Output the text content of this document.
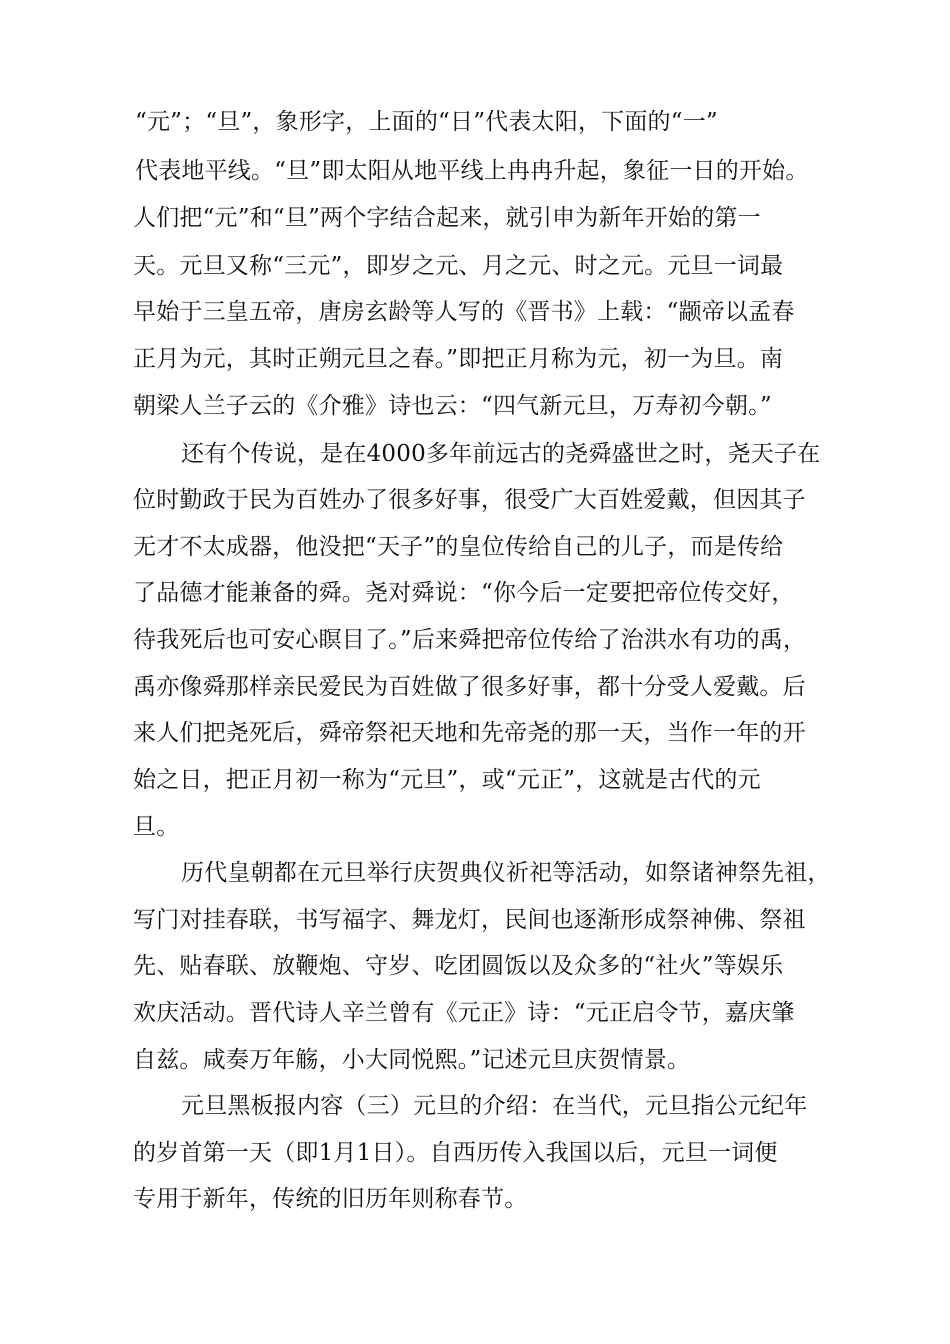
“元”；“旦”，象形字，上面的“日”代表太阳，下面的“一”
代表地平线。“旦”即太阳从地平线上冉冉升起，象征一日的开始。
人们把“元”和“旦”两个字结合起来，就引申为新年开始的第一
天。元旦又称“三元”，即岁之元、月之元、时之元。元旦一词最
早始于三皇五帝，唐房玄龄等人写的《晋书》上载：“颛帝以孟春
正月为元，其时正朔元旦之春。”即把正月称为元，初一为旦。南
朝梁人兰子云的《介雅》诗也云：“四气新元旦，万寿初今朝。”
还有个传说，是在4000多年前远古的尧舜盛世之时，尧天子在
位时勤政于民为百姓办了很多好事，很受广大百姓爱戴，但因其子
无才不太成器，他没把“天子”的皇位传给自己的儿子，而是传给
了品德才能兼备的舜。尧对舜说：“你今后一定要把帝位传交好，
待我死后也可安心瞑目了。”后来舜把帝位传给了治洪水有功的禹，
禹亦像舜那样亲民爱民为百姓做了很多好事，都十分受人爱戴。后
来人们把尧死后，舜帝祭祀天地和先帝尧的那一天，当作一年的开
始之日，把正月初一称为“元旦”，或“元正”，这就是古代的元
旦。
历代皇朝都在元旦举行庆贺典仪祈祀等活动，如祭诸神祭先祖，
写门对挂春联，书写福字、舞龙灯，民间也逐渐形成祭神佛、祭祖
先、贴春联、放鞭炮、守岁、吃团圆饭以及众多的“社火”等娱乐
欢庆活动。晋代诗人辛兰曾有《元正》诗：“元正启令节，嘉庆肇
自兹。咸奏万年觞，小大同悦熙。”记述元旦庆贺情景。
元旦黑板报内容（三）元旦的介绍：在当代，元旦指公元纪年
的岁首第一天（即1月1日）。自西历传入我国以后，元旦一词便
专用于新年，传统的旧历年则称春节。
